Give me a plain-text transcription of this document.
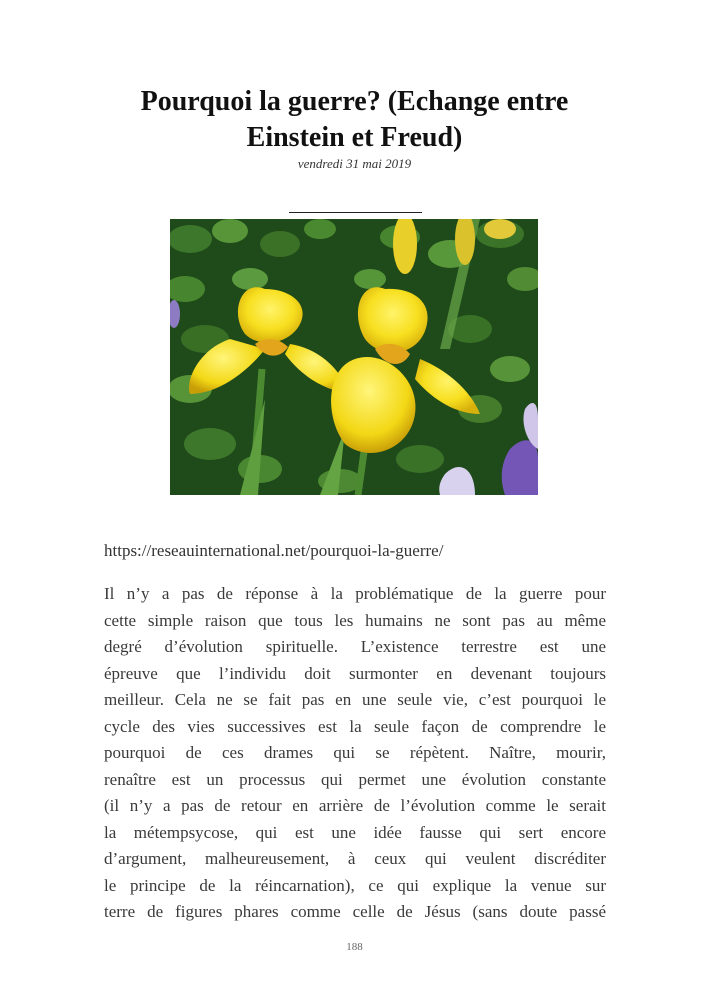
Pourquoi la guerre? (Echange entre
Einstein et Freud)
vendredi 31 mai 2019
https://reseauinternational.net/pourquoi-la-guerre/
Il n’y a pas de réponse à la problématique de la guerre pour
cette simple raison que tous les humains ne sont pas au même
degré d’évolution spirituelle. L’existence terrestre est une
épreuve que l’individu doit surmonter en devenant toujours
meilleur. Cela ne se fait pas en une seule vie, c’est pourquoi le
cycle des vies successives est la seule façon de comprendre le
pourquoi de ces drames qui se répètent. Naître, mourir,
renaître est un processus qui permet une évolution constante
(il n’y a pas de retour en arrière de l’évolution comme le serait
la métempsycose, qui est une idée fausse qui sert encore
d’argument, malheureusement, à ceux qui veulent discréditer
le principe de la réincarnation), ce qui explique la venue sur
terre de figures phares comme celle de Jésus (sans doute passé
188
